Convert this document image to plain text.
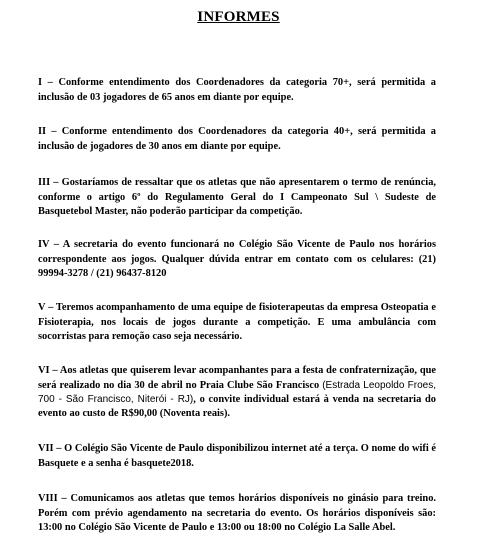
INFORMES

I – Conforme entendimento dos Coordenadores da categoria 70+, será permitida a inclusão de 03 jogadores de 65 anos em diante por equipe.

II – Conforme entendimento dos Coordenadores da categoria 40+, será permitida a inclusão de jogadores de 30 anos em diante por equipe.

III – Gostaríamos de ressaltar que os atletas que não apresentarem o termo de renúncia, conforme o artigo 6º do Regulamento Geral do I Campeonato Sul \ Sudeste de Basquetebol Master, não poderão participar da competição.

IV – A secretaria do evento funcionará no Colégio São Vicente de Paulo nos horários correspondente aos jogos. Qualquer dúvida entrar em contato com os celulares: (21) 99994-3278 / (21) 96437-8120

V – Teremos acompanhamento de uma equipe de fisioterapeutas da empresa Osteopatia e Fisioterapia, nos locais de jogos durante a competição. E uma ambulância com socorristas para remoção caso seja necessário.

VI – Aos atletas que quiserem levar acompanhantes para a festa de confraternização, que será realizado no dia 30 de abril no Praia Clube São Francisco (Estrada Leopoldo Froes, 700 - São Francisco, Niterói - RJ), o convite individual estará à venda na secretaria do evento ao custo de R$90,00 (Noventa reais).

VII – O Colégio São Vicente de Paulo disponibilizou internet até a terça. O nome do wifi é Basquete e a senha é basquete2018.

VIII – Comunicamos aos atletas que temos horários disponíveis no ginásio para treino. Porém com prévio agendamento na secretaria do evento. Os horários disponíveis são: 13:00 no Colégio São Vicente de Paulo e 13:00 ou 18:00 no Colégio La Salle Abel.
